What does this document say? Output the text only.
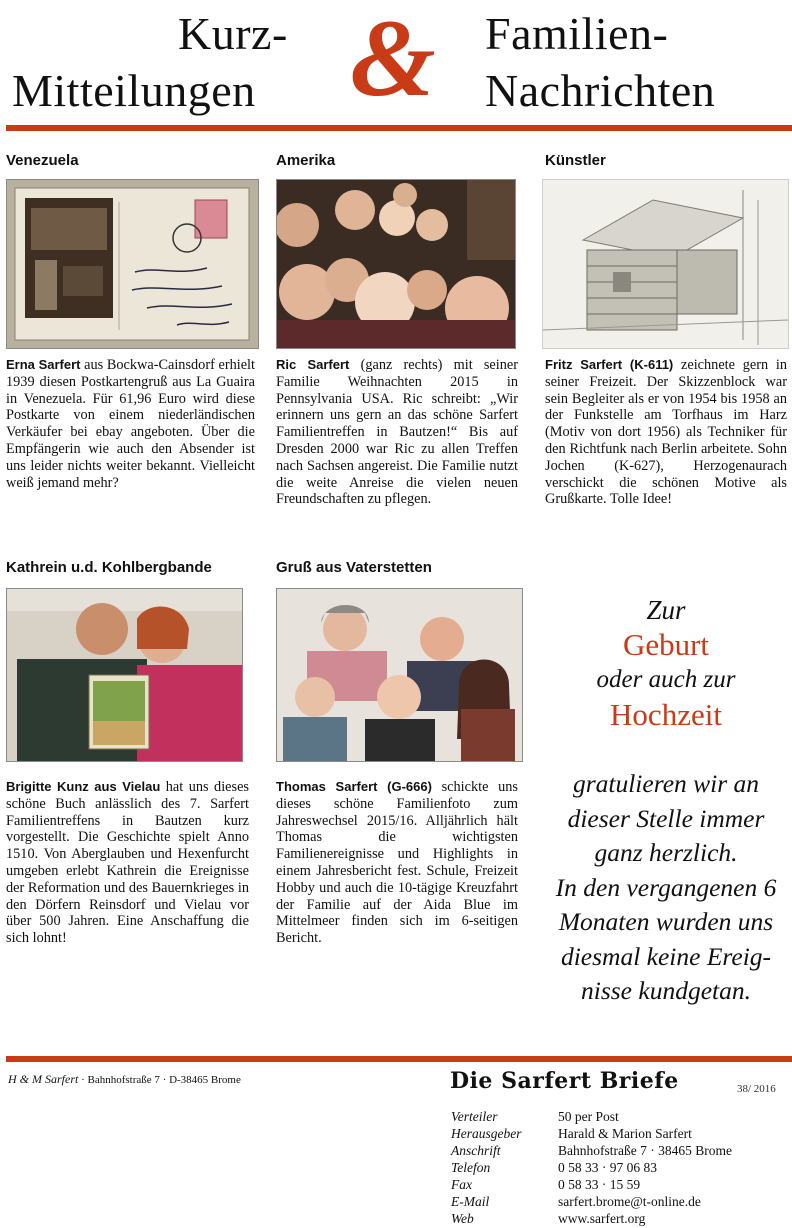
Kurz-
Mitteilungen & Familien-
Nachrichten
Venezuela

Erna Sarfert aus Bockwa-Cainsdorf erhielt 1939 diesen Postkartengruß aus La Guaira in Venezuela. Für 61,96 Euro wird diese Postkarte von einem niederländischen Verkäufer bei ebay angeboten. Über die Empfängerin wie auch den Absender ist uns leider nichts weiter bekannt. Vielleicht weiß jemand mehr?

Amerika

Ric Sarfert (ganz rechts) mit seiner Familie Weihnachten 2015 in Pennsylvania USA. Ric schreibt: „Wir erinnern uns gern an das schöne Sarfert Familientreffen in Bautzen!“ Bis auf Dresden 2000 war Ric zu allen Treffen nach Sachsen angereist. Die Familie nutzt die weite Anreise die vielen neuen Freundschaften zu pflegen.

Künstler

Fritz Sarfert (K-611) zeichnete gern in seiner Freizeit. Der Skizzenblock war sein Begleiter als er von 1954 bis 1958 an der Funkstelle am Torfhaus im Harz (Motiv von dort 1956) als Techniker für den Richtfunk nach Berlin arbeitete. Sohn Jochen (K-627), Herzogenaurach verschickt die schönen Motive als Grußkarte. Tolle Idee!

Kathrein u.d. Kohlbergbande

Brigitte Kunz aus Vielau hat uns dieses schöne Buch anlässlich des 7. Sarfert Familientreffens in Bautzen kurz vorgestellt. Die Geschichte spielt Anno 1510. Von Aberglauben und Hexenfurcht umgeben erlebt Kathrein die Ereignisse der Reformation und des Bauernkrieges in den Dörfern Reinsdorf und Vielau vor über 500 Jahren. Eine Anschaffung die sich lohnt!

Gruß aus Vaterstetten

Thomas Sarfert (G-666) schickte uns dieses schöne Familienfoto zum Jahreswechsel 2015/16. Alljährlich hält Thomas die wichtigsten Familienereignisse und Highlights in einem Jahresbericht fest. Schule, Freizeit Hobby und auch die 10-tägige Kreuzfahrt der Familie auf der Aida Blue im Mittelmeer finden sich im 6-seitigen Bericht.

Zur
Geburt
oder auch zur
Hochzeit
gratulieren wir an
dieser Stelle immer
ganz herzlich.
In den vergangenen 6
Monaten wurden uns
diesmal keine Ereig-
nisse kundgetan.
H & M Sarfert · Bahnhofstraße 7 · D-38465 Brome	Die Sarfert Briefe	38/ 2016
Verteiler
Herausgeber
Anschrift
Telefon
Fax
E-Mail
Web
50 per Post
Harald & Marion Sarfert
Bahnhofstraße 7 · 38465 Brome
0 58 33 · 97 06 83
0 58 33 · 15 59
sarfert.brome@t-online.de
www.sarfert.org
